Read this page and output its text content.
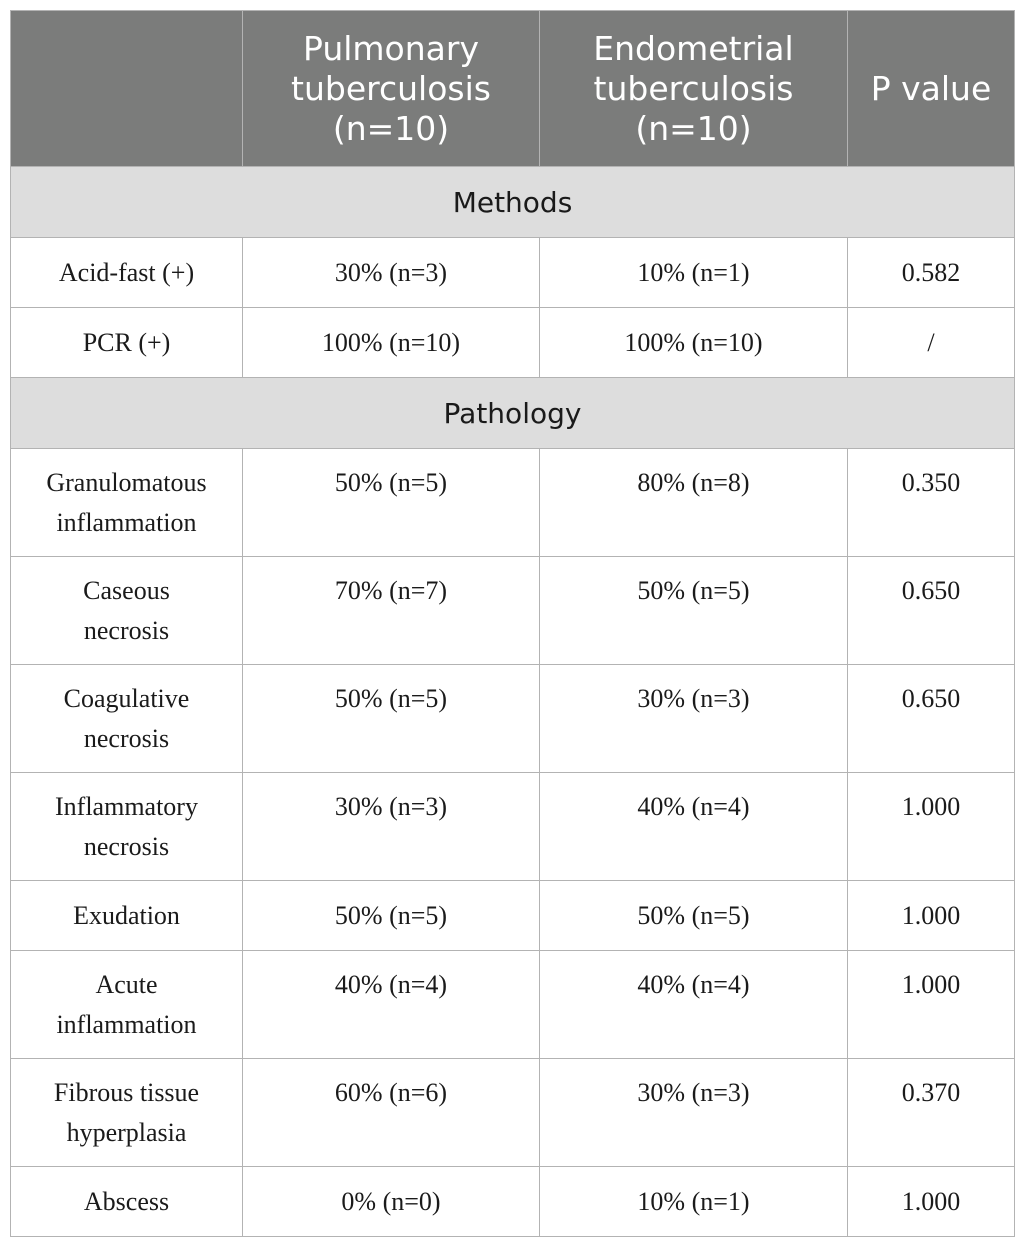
	Pulmonary
tuberculosis
(n=10)	Endometrial
tuberculosis
(n=10)	P value
Methods			

Acid-fast (+)	30% (n=3)	10% (n=1)	0.582

PCR (+)	100% (n=10)	100% (n=10)	/
Pathology			

Granulomatous
inflammation	50% (n=5)	80% (n=8)	0.350

Caseous
necrosis	70% (n=7)	50% (n=5)	0.650

Coagulative
necrosis	50% (n=5)	30% (n=3)	0.650

Inflammatory
necrosis	30% (n=3)	40% (n=4)	1.000

Exudation	50% (n=5)	50% (n=5)	1.000

Acute
inflammation	40% (n=4)	40% (n=4)	1.000

Fibrous tissue
hyperplasia	60% (n=6)	30% (n=3)	0.370

Abscess	0% (n=0)	10% (n=1)	1.000
